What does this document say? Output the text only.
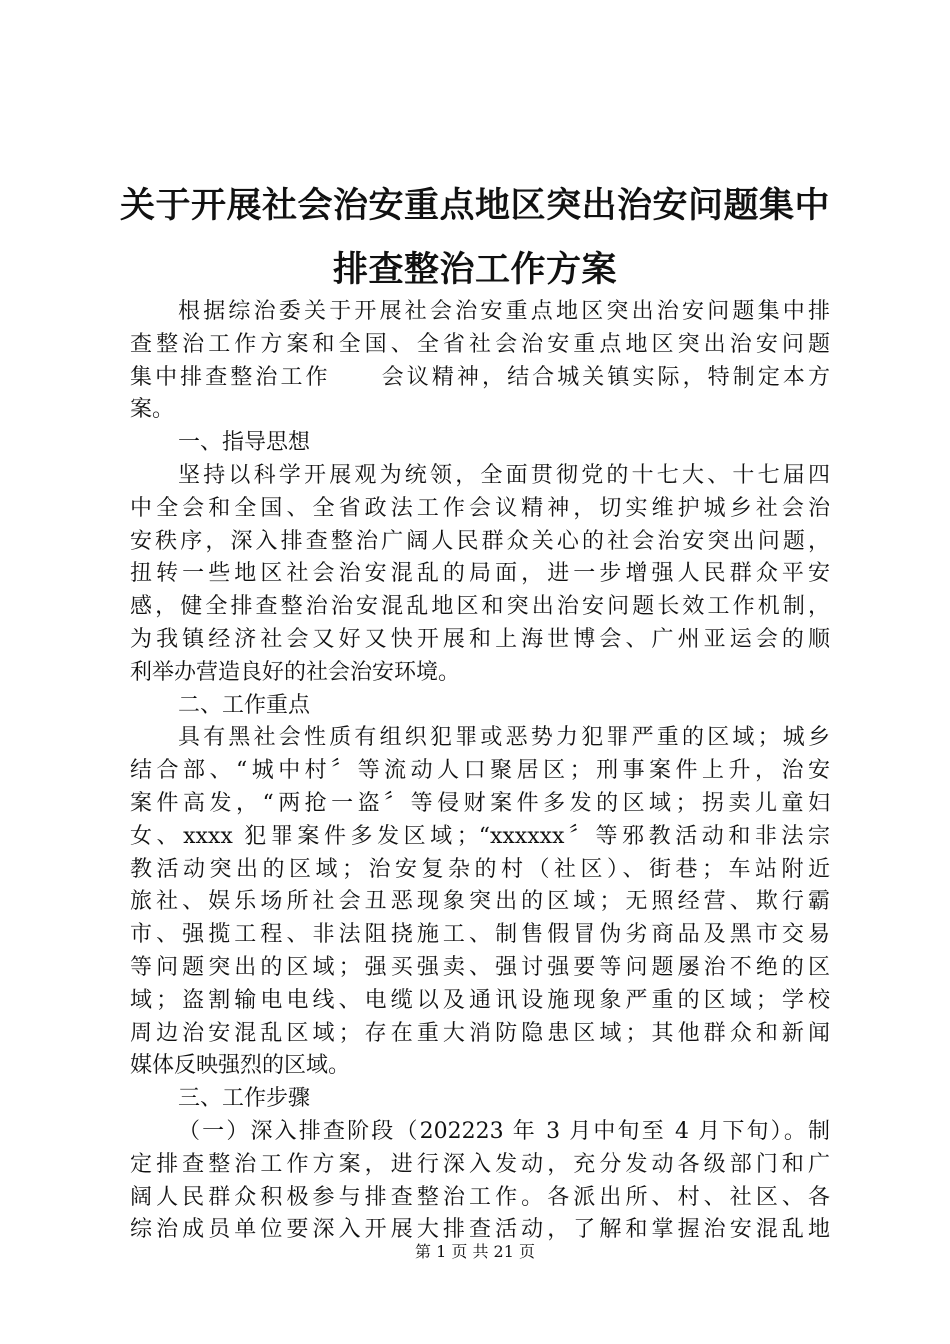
关于开展社会治安重点地区突出治安问题集中
排查整治工作方案
根据综治委关于开展社会治安重点地区突出治安问题集中排
查整治工作方案和全国、全省社会治安重点地区突出治安问题
集中排查整治工作 会议精神，结合城关镇实际，特制定本方
案。
一、指导思想
坚持以科学开展观为统领，全面贯彻党的十七大、十七届四
中全会和全国、全省政法工作会议精神，切实维护城乡社会治
安秩序，深入排查整治广阔人民群众关心的社会治安突出问题，
扭转一些地区社会治安混乱的局面，进一步增强人民群众平安
感，健全排查整治治安混乱地区和突出治安问题长效工作机制，
为我镇经济社会又好又快开展和上海世博会、广州亚运会的顺
利举办营造良好的社会治安环境。
二、工作重点
具有黑社会性质有组织犯罪或恶势力犯罪严重的区域；城乡
结合部、“城中村〞等流动人口聚居区；刑事案件上升，治安
案件高发，“两抢一盗〞等侵财案件多发的区域；拐卖儿童妇
女、xxxx 犯罪案件多发区域；“xxxxxx〞等邪教活动和非法宗
教活动突出的区域；治安复杂的村（社区）、街巷；车站附近
旅社、娱乐场所社会丑恶现象突出的区域；无照经营、欺行霸
市、强揽工程、非法阻挠施工、制售假冒伪劣商品及黑市交易
等问题突出的区域；强买强卖、强讨强要等问题屡治不绝的区
域；盗割输电电线、电缆以及通讯设施现象严重的区域；学校
周边治安混乱区域；存在重大消防隐患区域；其他群众和新闻
媒体反映强烈的区域。
三、工作步骤
（一）深入排查阶段（202223 年 3 月中旬至 4 月下旬）。制
定排查整治工作方案，进行深入发动，充分发动各级部门和广
阔人民群众积极参与排查整治工作。各派出所、村、社区、各
综治成员单位要深入开展大排查活动，了解和掌握治安混乱地
第 1 页 共 21 页
